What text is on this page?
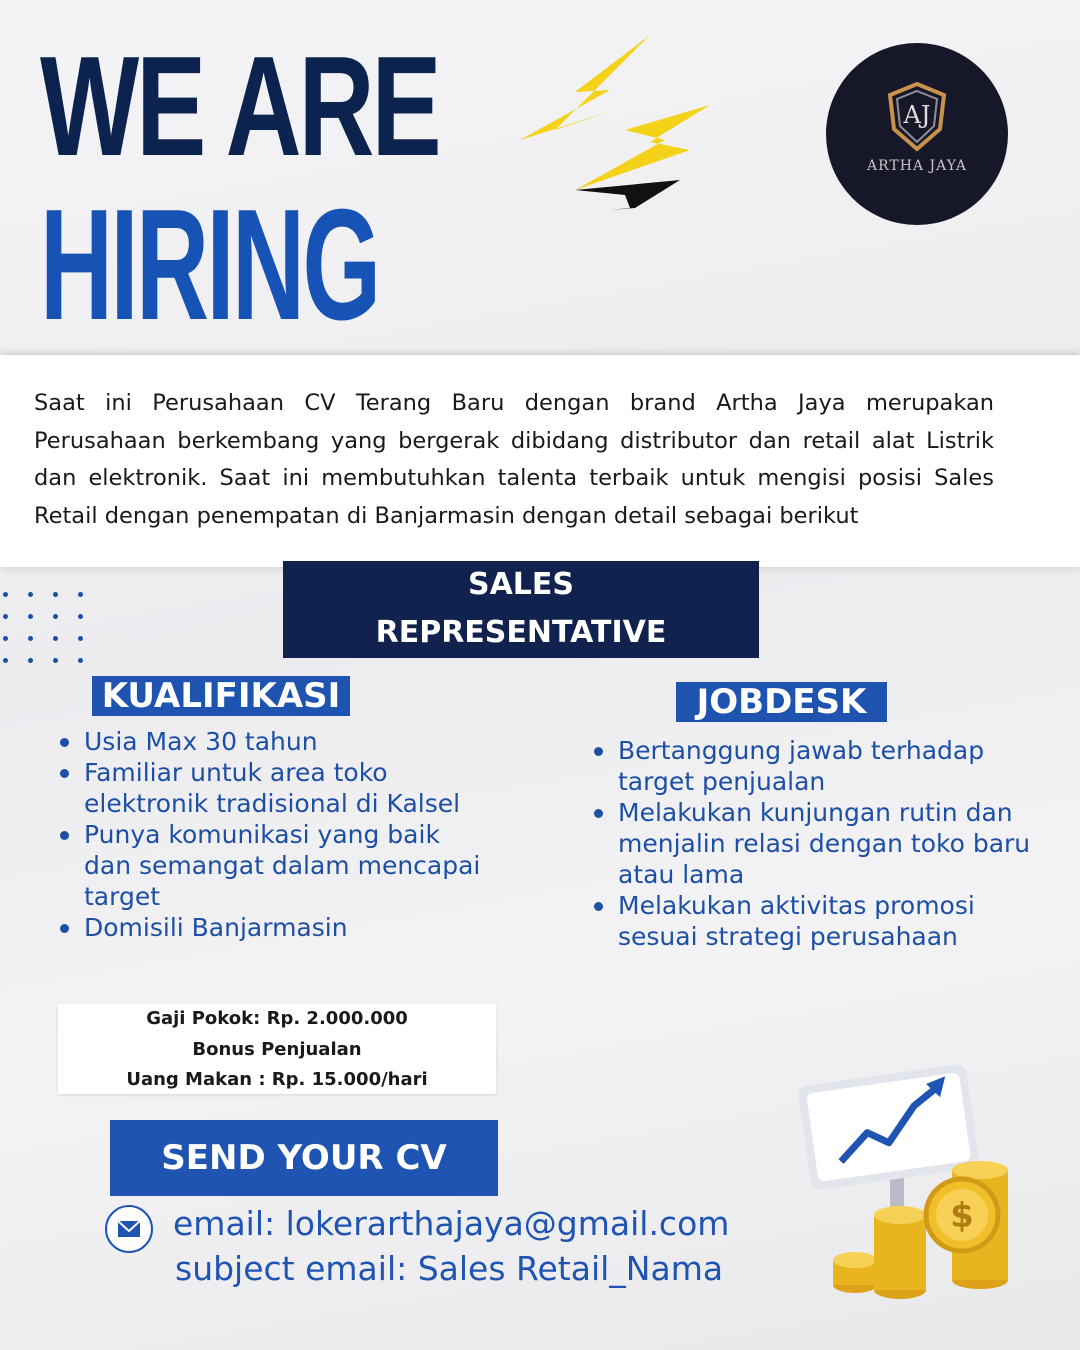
WE ARE
HIRING
AJ
ARTHA JAYA
Saat ini Perusahaan CV Terang Baru dengan brand Artha Jaya merupakan Perusahaan berkembang yang bergerak dibidang distributor dan retail alat Listrik dan elektronik. Saat ini membutuhkan talenta terbaik untuk mengisi posisi Sales Retail dengan penempatan di Banjarmasin dengan detail sebagai berikut
SALES
REPRESENTATIVE
KUALIFIKASI
Usia Max 30 tahun
Familiar untuk area toko elektronik tradisional di Kalsel
Punya komunikasi yang baik dan semangat dalam mencapai target
Domisili Banjarmasin
JOBDESK
Bertanggung jawab terhadap target penjualan
Melakukan kunjungan rutin dan menjalin relasi dengan toko baru atau lama
Melakukan aktivitas promosi sesuai strategi perusahaan
Gaji Pokok: Rp. 2.000.000
Bonus Penjualan
Uang Makan : Rp. 15.000/hari
SEND YOUR CV
email: lokerarthajaya@gmail.com
subject email: Sales Retail_Nama
$
